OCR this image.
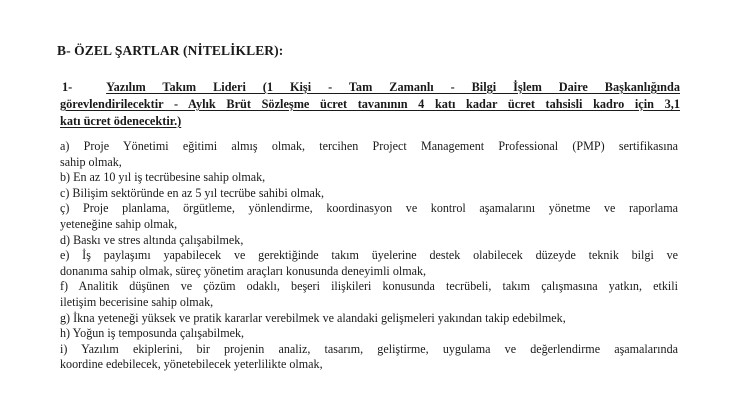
B- ÖZEL ŞARTLAR (NİTELİKLER):
1-	Yazılım Takım Lideri (1 Kişi - Tam Zamanlı - Bilgi İşlem Daire Başkanlığında
görevlendirilecektir - Aylık Brüt Sözleşme ücret tavanının 4 katı kadar ücret tahsisli kadro için 3,1
katı ücret ödenecektir.)
a) Proje Yönetimi eğitimi almış olmak, tercihen Project Management Professional (PMP) sertifikasına
sahip olmak,
b) En az 10 yıl iş tecrübesine sahip olmak,
c) Bilişim sektöründe en az 5 yıl tecrübe sahibi olmak,
ç) Proje planlama, örgütleme, yönlendirme, koordinasyon ve kontrol aşamalarını yönetme ve raporlama
yeteneğine sahip olmak,
d) Baskı ve stres altında çalışabilmek,
e) İş paylaşımı yapabilecek ve gerektiğinde takım üyelerine destek olabilecek düzeyde teknik bilgi ve
donanıma sahip olmak, süreç yönetim araçları konusunda deneyimli olmak,
f) Analitik düşünen ve çözüm odaklı, beşeri ilişkileri konusunda tecrübeli, takım çalışmasına yatkın, etkili
iletişim becerisine sahip olmak,
g) İkna yeteneği yüksek ve pratik kararlar verebilmek ve alandaki gelişmeleri yakından takip edebilmek,
h) Yoğun iş temposunda çalışabilmek,
i) Yazılım ekiplerini, bir projenin analiz, tasarım, geliştirme, uygulama ve değerlendirme aşamalarında
koordine edebilecek, yönetebilecek yeterlilikte olmak,
